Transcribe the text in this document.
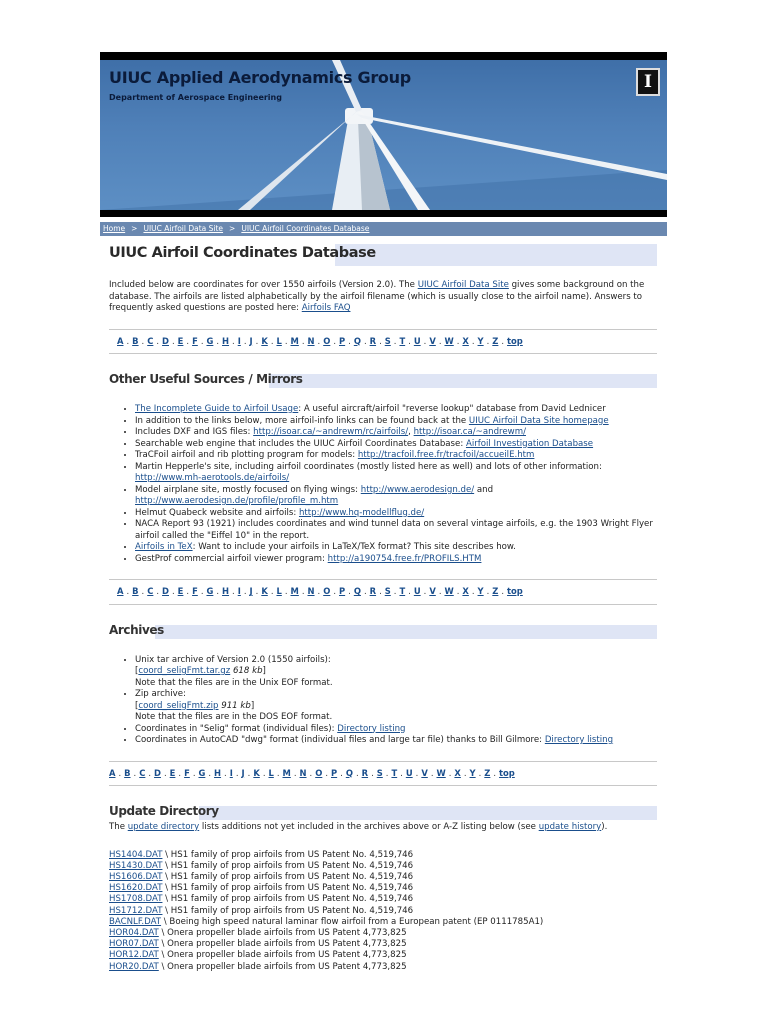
UIUC Applied Aerodynamics Group
Department of Aerospace Engineering
I
Home > UIUC Airfoil Data Site > UIUC Airfoil Coordinates Database
UIUC Airfoil Coordinates Database

Included below are coordinates for over 1550 airfoils (Version 2.0). The UIUC Airfoil Data Site gives some background on the database. The airfoils are listed alphabetically by the airfoil filename (which is usually close to the airfoil name). Answers to frequently asked questions are posted here: Airfoils FAQ

A . B . C . D . E . F . G . H . I . J . K . L . M . N . O . P . Q . R . S . T . U . V . W . X . Y . Z . top
Other Useful Sources / Mirrors
• The Incomplete Guide to Airfoil Usage: A useful aircraft/airfoil "reverse lookup" database from David Lednicer
• In addition to the links below, more airfoil-info links can be found back at the UIUC Airfoil Data Site homepage
• Includes DXF and IGS files: http://isoar.ca/~andrewm/rc/airfoils/, http://isoar.ca/~andrewm/
• Searchable web engine that includes the UIUC Airfoil Coordinates Database: Airfoil Investigation Database
• TraCFoil airfoil and rib plotting program for models: http://tracfoil.free.fr/tracfoil/accueilE.htm
• Martin Hepperle's site, including airfoil coordinates (mostly listed here as well) and lots of other information: http://www.mh-aerotools.de/airfoils/
• Model airplane site, mostly focused on flying wings: http://www.aerodesign.de/ and http://www.aerodesign.de/profile/profile_m.htm
• Helmut Quabeck website and airfoils: http://www.hq-modellflug.de/
• NACA Report 93 (1921) includes coordinates and wind tunnel data on several vintage airfoils, e.g. the 1903 Wright Flyer airfoil called the "Eiffel 10" in the report.
• Airfoils in TeX: Want to include your airfoils in LaTeX/TeX format? This site describes how.
• GestProf commercial airfoil viewer program: http://a190754.free.fr/PROFILS.HTM
A . B . C . D . E . F . G . H . I . J . K . L . M . N . O . P . Q . R . S . T . U . V . W . X . Y . Z . top
Archives
• Unix tar archive of Version 2.0 (1550 airfoils):
[coord_seligFmt.tar.gz 618 kb]
Note that the files are in the Unix EOF format.
• Zip archive:
[coord_seligFmt.zip 911 kb]
Note that the files are in the DOS EOF format.
• Coordinates in "Selig" format (individual files): Directory listing
• Coordinates in AutoCAD "dwg" format (individual files and large tar file) thanks to Bill Gilmore: Directory listing
A . B . C . D . E . F . G . H . I . J . K . L . M . N . O . P . Q . R . S . T . U . V . W . X . Y . Z . top
Update Directory

The update directory lists additions not yet included in the archives above or A-Z listing below (see update history).

HS1404.DAT \ HS1 family of prop airfoils from US Patent No. 4,519,746
HS1430.DAT \ HS1 family of prop airfoils from US Patent No. 4,519,746
HS1606.DAT \ HS1 family of prop airfoils from US Patent No. 4,519,746
HS1620.DAT \ HS1 family of prop airfoils from US Patent No. 4,519,746
HS1708.DAT \ HS1 family of prop airfoils from US Patent No. 4,519,746
HS1712.DAT \ HS1 family of prop airfoils from US Patent No. 4,519,746
BACNLF.DAT \ Boeing high speed natural laminar flow airfoil from a European patent (EP 0111785A1)
HOR04.DAT \ Onera propeller blade airfoils from US Patent 4,773,825
HOR07.DAT \ Onera propeller blade airfoils from US Patent 4,773,825
HOR12.DAT \ Onera propeller blade airfoils from US Patent 4,773,825
HOR20.DAT \ Onera propeller blade airfoils from US Patent 4,773,825
